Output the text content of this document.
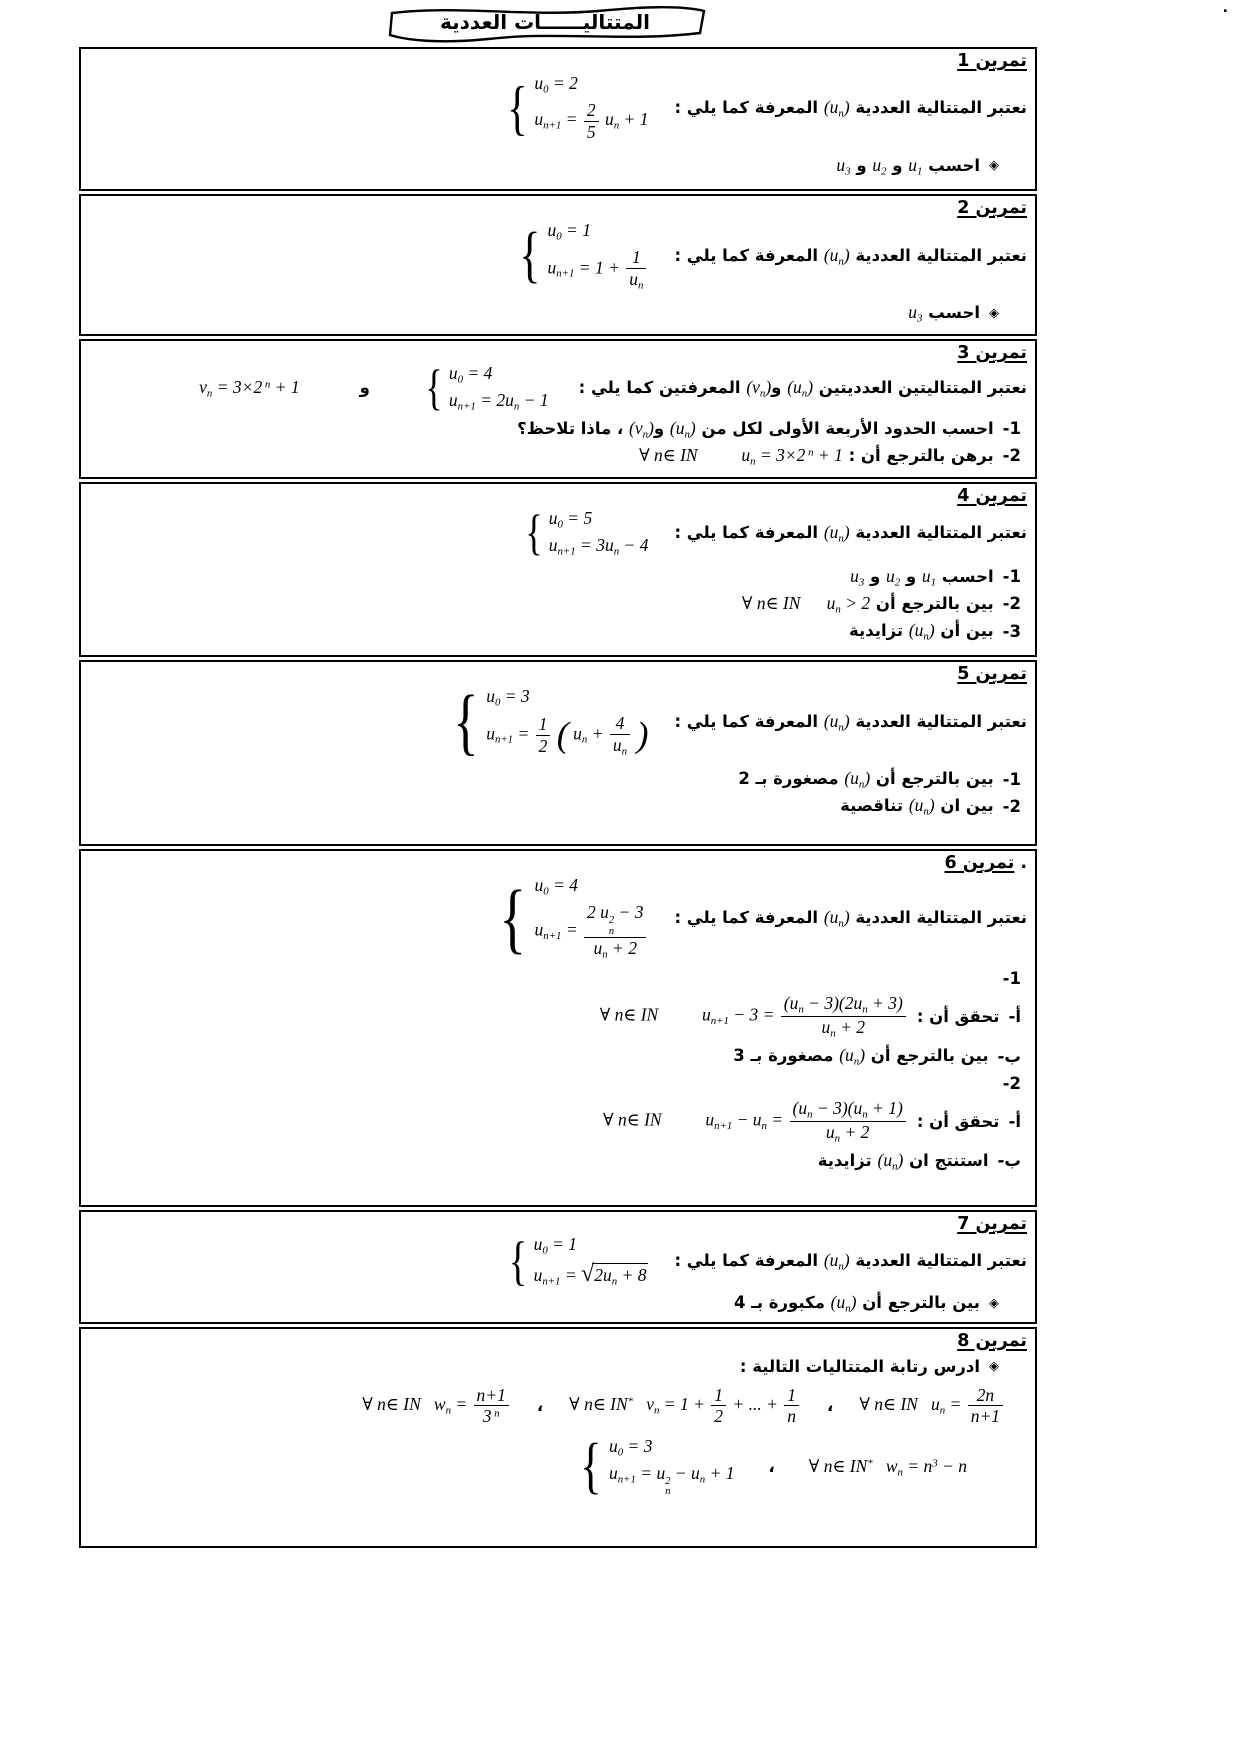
.
المتتاليــــــات العددية
تمرين 1
نعتبر المتتالية العددية $(u_n)$ المعرفة كما يلي :
{ $u_0 = 2$
$u_{n+1} = \frac{2}{5} u_n + 1$
◈
احسب $u_1$ و $u_2$ و $u_3$
تمرين 2
نعتبر المتتالية العددية $(u_n)$ المعرفة كما يلي :
{ $u_0 = 1$
$u_{n+1} = 1 + \frac{1}{u_n}$
◈
احسب $u_3$
تمرين 3
نعتبر المتتاليتين العدديتين $(u_n)$ $و(v_n)$ المعرفتين كما يلي :
{ $u_0 = 4$
$u_{n+1} = 2u_n - 1$
و
$v_n = 3\times 2$ $^n$ + 1
-1
احسب الحدود الأربعة الأولى لكل من $(u_n)$ $و(v_n)$ ، ماذا تلاحظ؟
-2
برهن بالترجع أن : ∀ n∈ IN    $u_n = 3\times 2$ $^n$ + 1
تمرين 4
نعتبر المتتالية العددية $(u_n)$ المعرفة كما يلي :
{ $u_0 = 5$
$u_{n+1} = 3u_n - 4$
-1
احسب $u_1$ و $u_2$ و $u_3$
-2
بين بالترجع أن ∀ n∈ IN   $u_n > 2$
-3
بين أن $(u_n)$ تزايدية
تمرين 5
نعتبر المتتالية العددية $(u_n)$ المعرفة كما يلي :
{ $u_0 = 3$
$u_{n+1} = \frac{1}{2}$ ( $u_n + \frac{4}{u_n}$ )
-1
بين بالترجع أن $(u_n)$ مصغورة بـ 2
-2
بين ان $(u_n)$ تناقصية
.
تمرين 6
نعتبر المتتالية العددية $(u_n)$ المعرفة كما يلي :
{ $u_0 = 4$
$u_{n+1} = 2$ u 2
n
− 3
$u_n + 2$
-1
-أ
تحقق أن :
∀ n∈ IN    $u_{n+1} - 3 = \frac{(u_n - 3)(2u_n + 3)}{u_n + 2}$
-ب
بين بالترجع أن $(u_n)$ مصغورة بـ 3
-2
-أ
تحقق أن :
∀ n∈ IN    $u_{n+1} - u_n = \frac{(u_n - 3)(u_n + 1)}{u_n + 2}$
-ب
استنتج ان $(u_n)$ تزايدية
تمرين 7
نعتبر المتتالية العددية $(u_n)$ المعرفة كما يلي :
{ $u_0 = 1$
$u_{n+1} = √2u_n + 8$
◈
بين بالترجع أن $(u_n)$ مكبورة بـ 4
تمرين 8
◈
ادرس رتابة المتتاليات التالية :
∀ n∈ IN  $u_n = \frac{2n}{n+1}$
،
∀ n∈ IN*  $v_n = 1 + \frac{1}{2}$ + ... + $\frac{1}{n}$
،
∀ n∈ IN  $w_n = \frac{n+1}{3 ^n}$
∀ n∈ IN*  $w_n = n^3 - n$
،
{ $u_0 = 3$
$u_{n+1} = u$ 2
n
− $u_n + 1$
